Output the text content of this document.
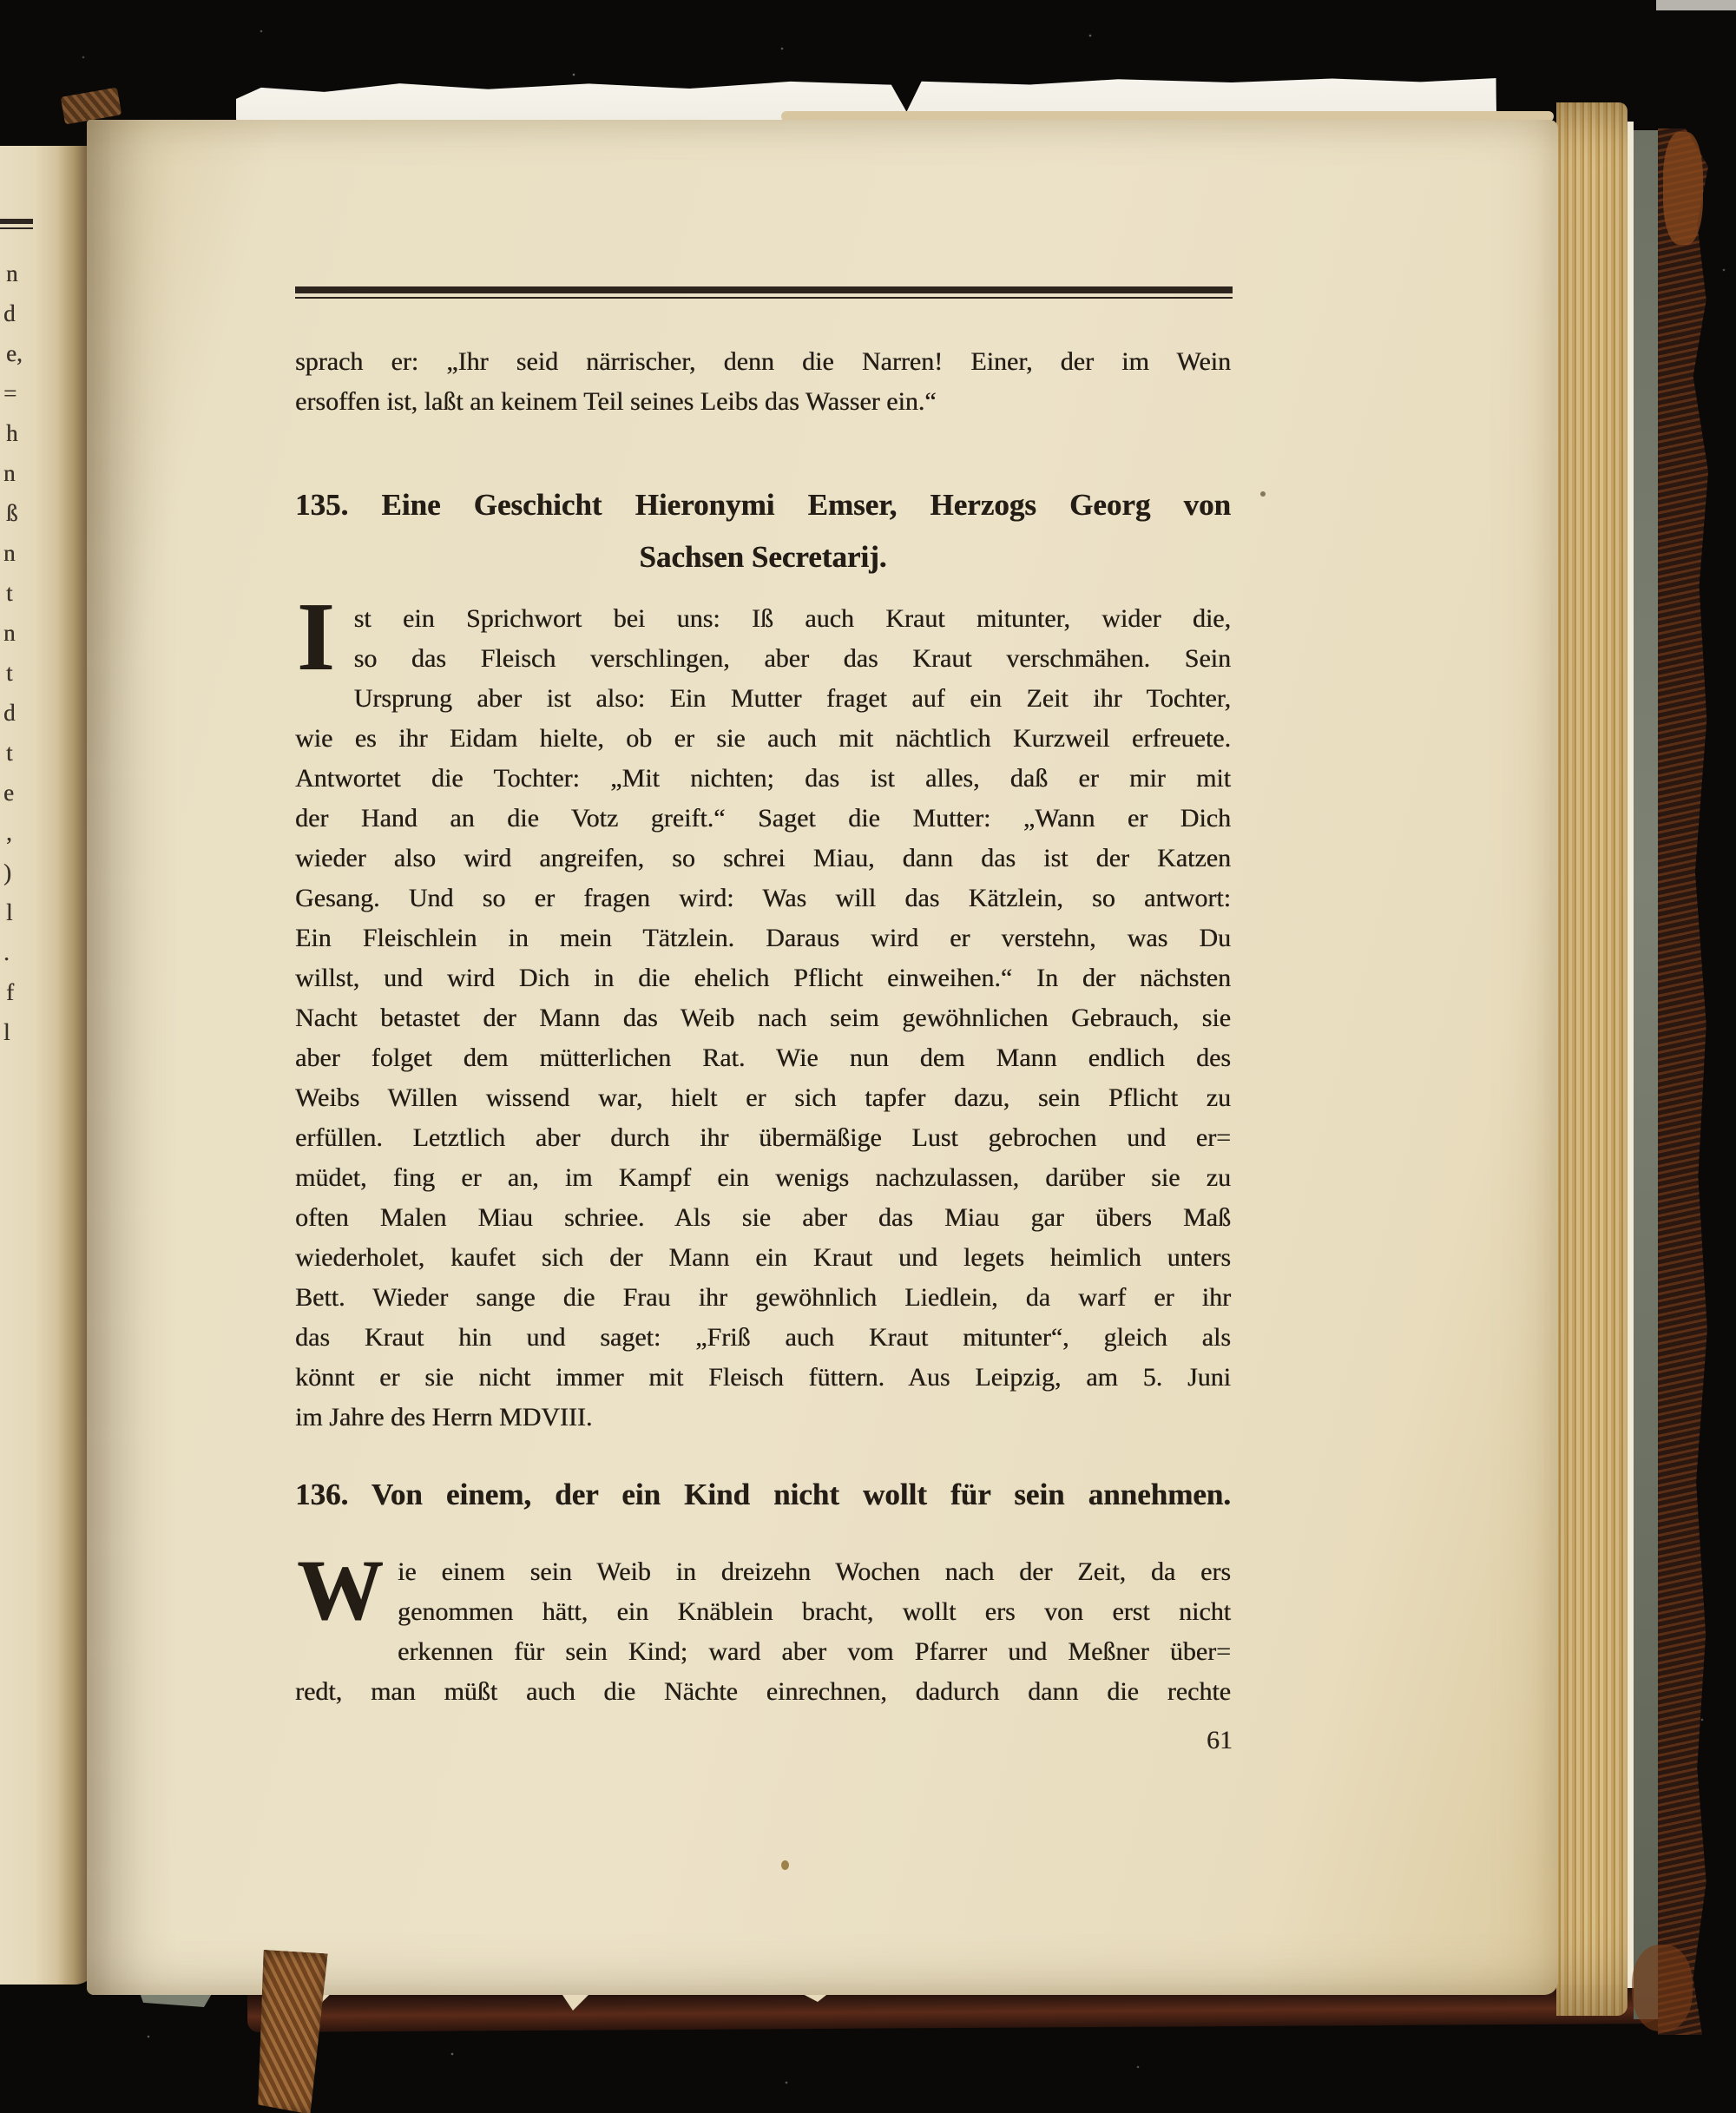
n
d
e,
=
h
n
ß
n
t
n
t
d
t
e
,
)
l
.
f
l
sprach er: „Ihr seid närrischer, denn die Narren! Einer, der im Wein
ersoffen ist, laßt an keinem Teil seines Leibs das Wasser ein.“
135. Eine Geschicht Hieronymi Emser, Herzogs Georg von
Sachsen Secretarij.
I st ein Sprichwort bei uns: Iß auch Kraut mitunter, wider die,
so das Fleisch verschlingen, aber das Kraut verschmähen. Sein
Ursprung aber ist also: Ein Mutter fraget auf ein Zeit ihr Tochter,
wie es ihr Eidam hielte, ob er sie auch mit nächtlich Kurzweil erfreuete.
Antwortet die Tochter: „Mit nichten; das ist alles, daß er mir mit
der Hand an die Votz greift.“ Saget die Mutter: „Wann er Dich
wieder also wird angreifen, so schrei Miau, dann das ist der Katzen
Gesang. Und so er fragen wird: Was will das Kätzlein, so antwort:
Ein Fleischlein in mein Tätzlein. Daraus wird er verstehn, was Du
willst, und wird Dich in die ehelich Pflicht einweihen.“ In der nächsten
Nacht betastet der Mann das Weib nach seim gewöhnlichen Gebrauch, sie
aber folget dem mütterlichen Rat. Wie nun dem Mann endlich des
Weibs Willen wissend war, hielt er sich tapfer dazu, sein Pflicht zu
erfüllen. Letztlich aber durch ihr übermäßige Lust gebrochen und er=
müdet, fing er an, im Kampf ein wenigs nachzulassen, darüber sie zu
often Malen Miau schriee. Als sie aber das Miau gar übers Maß
wiederholet, kaufet sich der Mann ein Kraut und legets heimlich unters
Bett. Wieder sange die Frau ihr gewöhnlich Liedlein, da warf er ihr
das Kraut hin und saget: „Friß auch Kraut mitunter“, gleich als
könnt er sie nicht immer mit Fleisch füttern. Aus Leipzig, am 5. Juni
im Jahre des Herrn MDVIII.
136. Von einem, der ein Kind nicht wollt für sein annehmen.
W ie einem sein Weib in dreizehn Wochen nach der Zeit, da ers
genommen hätt, ein Knäblein bracht, wollt ers von erst nicht
erkennen für sein Kind; ward aber vom Pfarrer und Meßner über=
redt, man müßt auch die Nächte einrechnen, dadurch dann die rechte
61
